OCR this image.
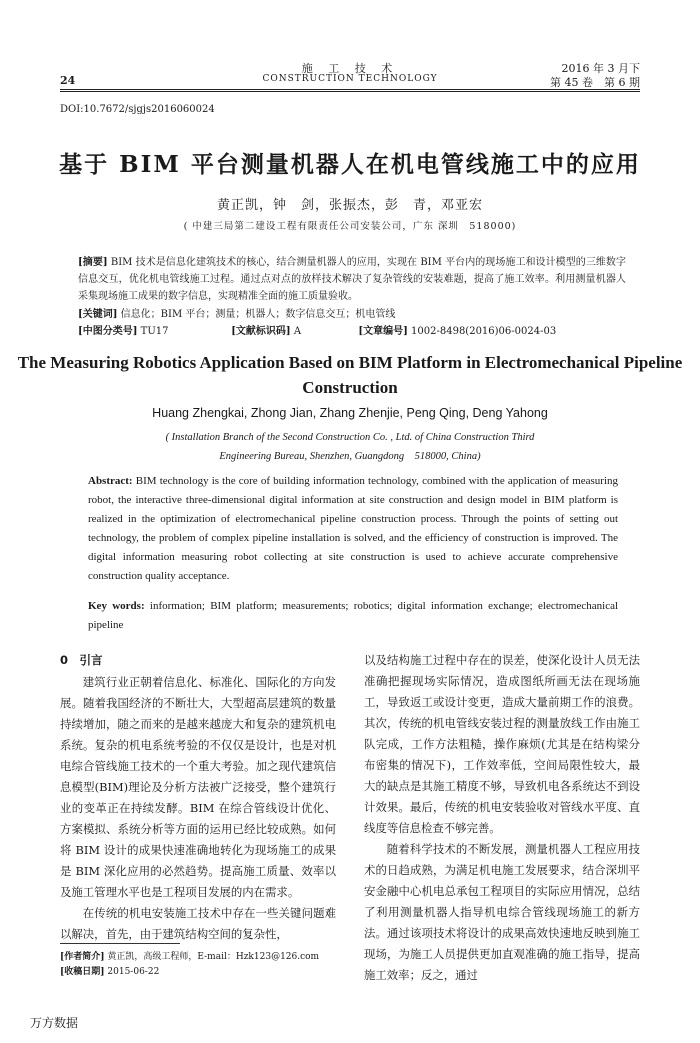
施 工 技 术
CONSTRUCTION TECHNOLOGY
24
2016 年 3 月下
第 45 卷　第 6 期
DOI:10.7672/sjgjs2016060024
基于 BIM 平台测量机器人在机电管线施工中的应用
黄正凯，钟　剑，张振杰，彭　青，邓亚宏
( 中建三局第二建设工程有限责任公司安装公司，广东 深圳　518000)
[摘要] BIM 技术是信息化建筑技术的核心，结合测量机器人的应用，实现在 BIM 平台内的现场施工和设计模型的三维数字信息交互，优化机电管线施工过程。通过点对点的放样技术解决了复杂管线的安装难题，提高了施工效率。利用测量机器人采集现场施工成果的数字信息，实现精准全面的施工质量验收。
[关键词] 信息化；BIM 平台；测量；机器人；数字信息交互；机电管线
[中图分类号] TU17	[文献标识码] A	[文章编号] 1002-8498(2016)06-0024-03
The Measuring Robotics Application Based on BIM Platform in Electromechanical Pipeline Construction
Huang Zhengkai, Zhong Jian, Zhang Zhenjie, Peng Qing, Deng Yahong
( Installation Branch of the Second Construction Co. , Ltd. of China Construction Third
Engineering Bureau, Shenzhen, Guangdong　518000, China)
Abstract: BIM technology is the core of building information technology, combined with the application of measuring robot, the interactive three-dimensional digital information at site construction and design model in BIM platform is realized in the optimization of electromechanical pipeline construction process. Through the points of setting out technology, the problem of complex pipeline installation is solved, and the efficiency of construction is improved. The digital information measuring robot collecting at site construction is used to achieve accurate comprehensive construction quality acceptance.
Key words: information; BIM platform; measurements; robotics; digital information exchange; electromechanical pipeline

0　引言

建筑行业正朝着信息化、标准化、国际化的方向发展。随着我国经济的不断壮大，大型超高层建筑的数量持续增加，随之而来的是越来越庞大和复杂的建筑机电系统。复杂的机电系统考验的不仅仅是设计，也是对机电综合管线施工技术的一个重大考验。加之现代建筑信息模型(BIM)理论及分析方法被广泛接受，整个建筑行业的变革正在持续发酵。BIM 在综合管线设计优化、方案模拟、系统分析等方面的运用已经比较成熟。如何将 BIM 设计的成果快速准确地转化为现场施工的成果是 BIM 深化应用的必然趋势。提高施工质量、效率以及施工管理水平也是工程项目发展的内在需求。

在传统的机电安装施工技术中存在一些关键问题难以解决，首先，由于建筑结构空间的复杂性，

以及结构施工过程中存在的误差，使深化设计人员无法准确把握现场实际情况，造成图纸所画无法在现场施工，导致返工或设计变更，造成大量前期工作的浪费。其次，传统的机电管线安装过程的测量放线工作由施工队完成，工作方法粗糙，操作麻烦(尤其是在结构梁分布密集的情况下)，工作效率低，空间局限性较大，最大的缺点是其施工精度不够，导致机电各系统达不到设计效果。最后，传统的机电安装验收对管线水平度、直线度等信息检查不够完善。

随着科学技术的不断发展，测量机器人工程应用技术的日趋成熟，为满足机电施工发展要求，结合深圳平安金融中心机电总承包工程项目的实际应用情况，总结了利用测量机器人指导机电综合管线现场施工的新方法。通过该项技术将设计的成果高效快速地反映到施工现场，为施工人员提供更加直观准确的施工指导，提高施工效率；反之，通过

[作者简介] 黄正凯，高级工程师，E-mail：Hzk123@126.com
[收稿日期] 2015-06-22
万方数据
